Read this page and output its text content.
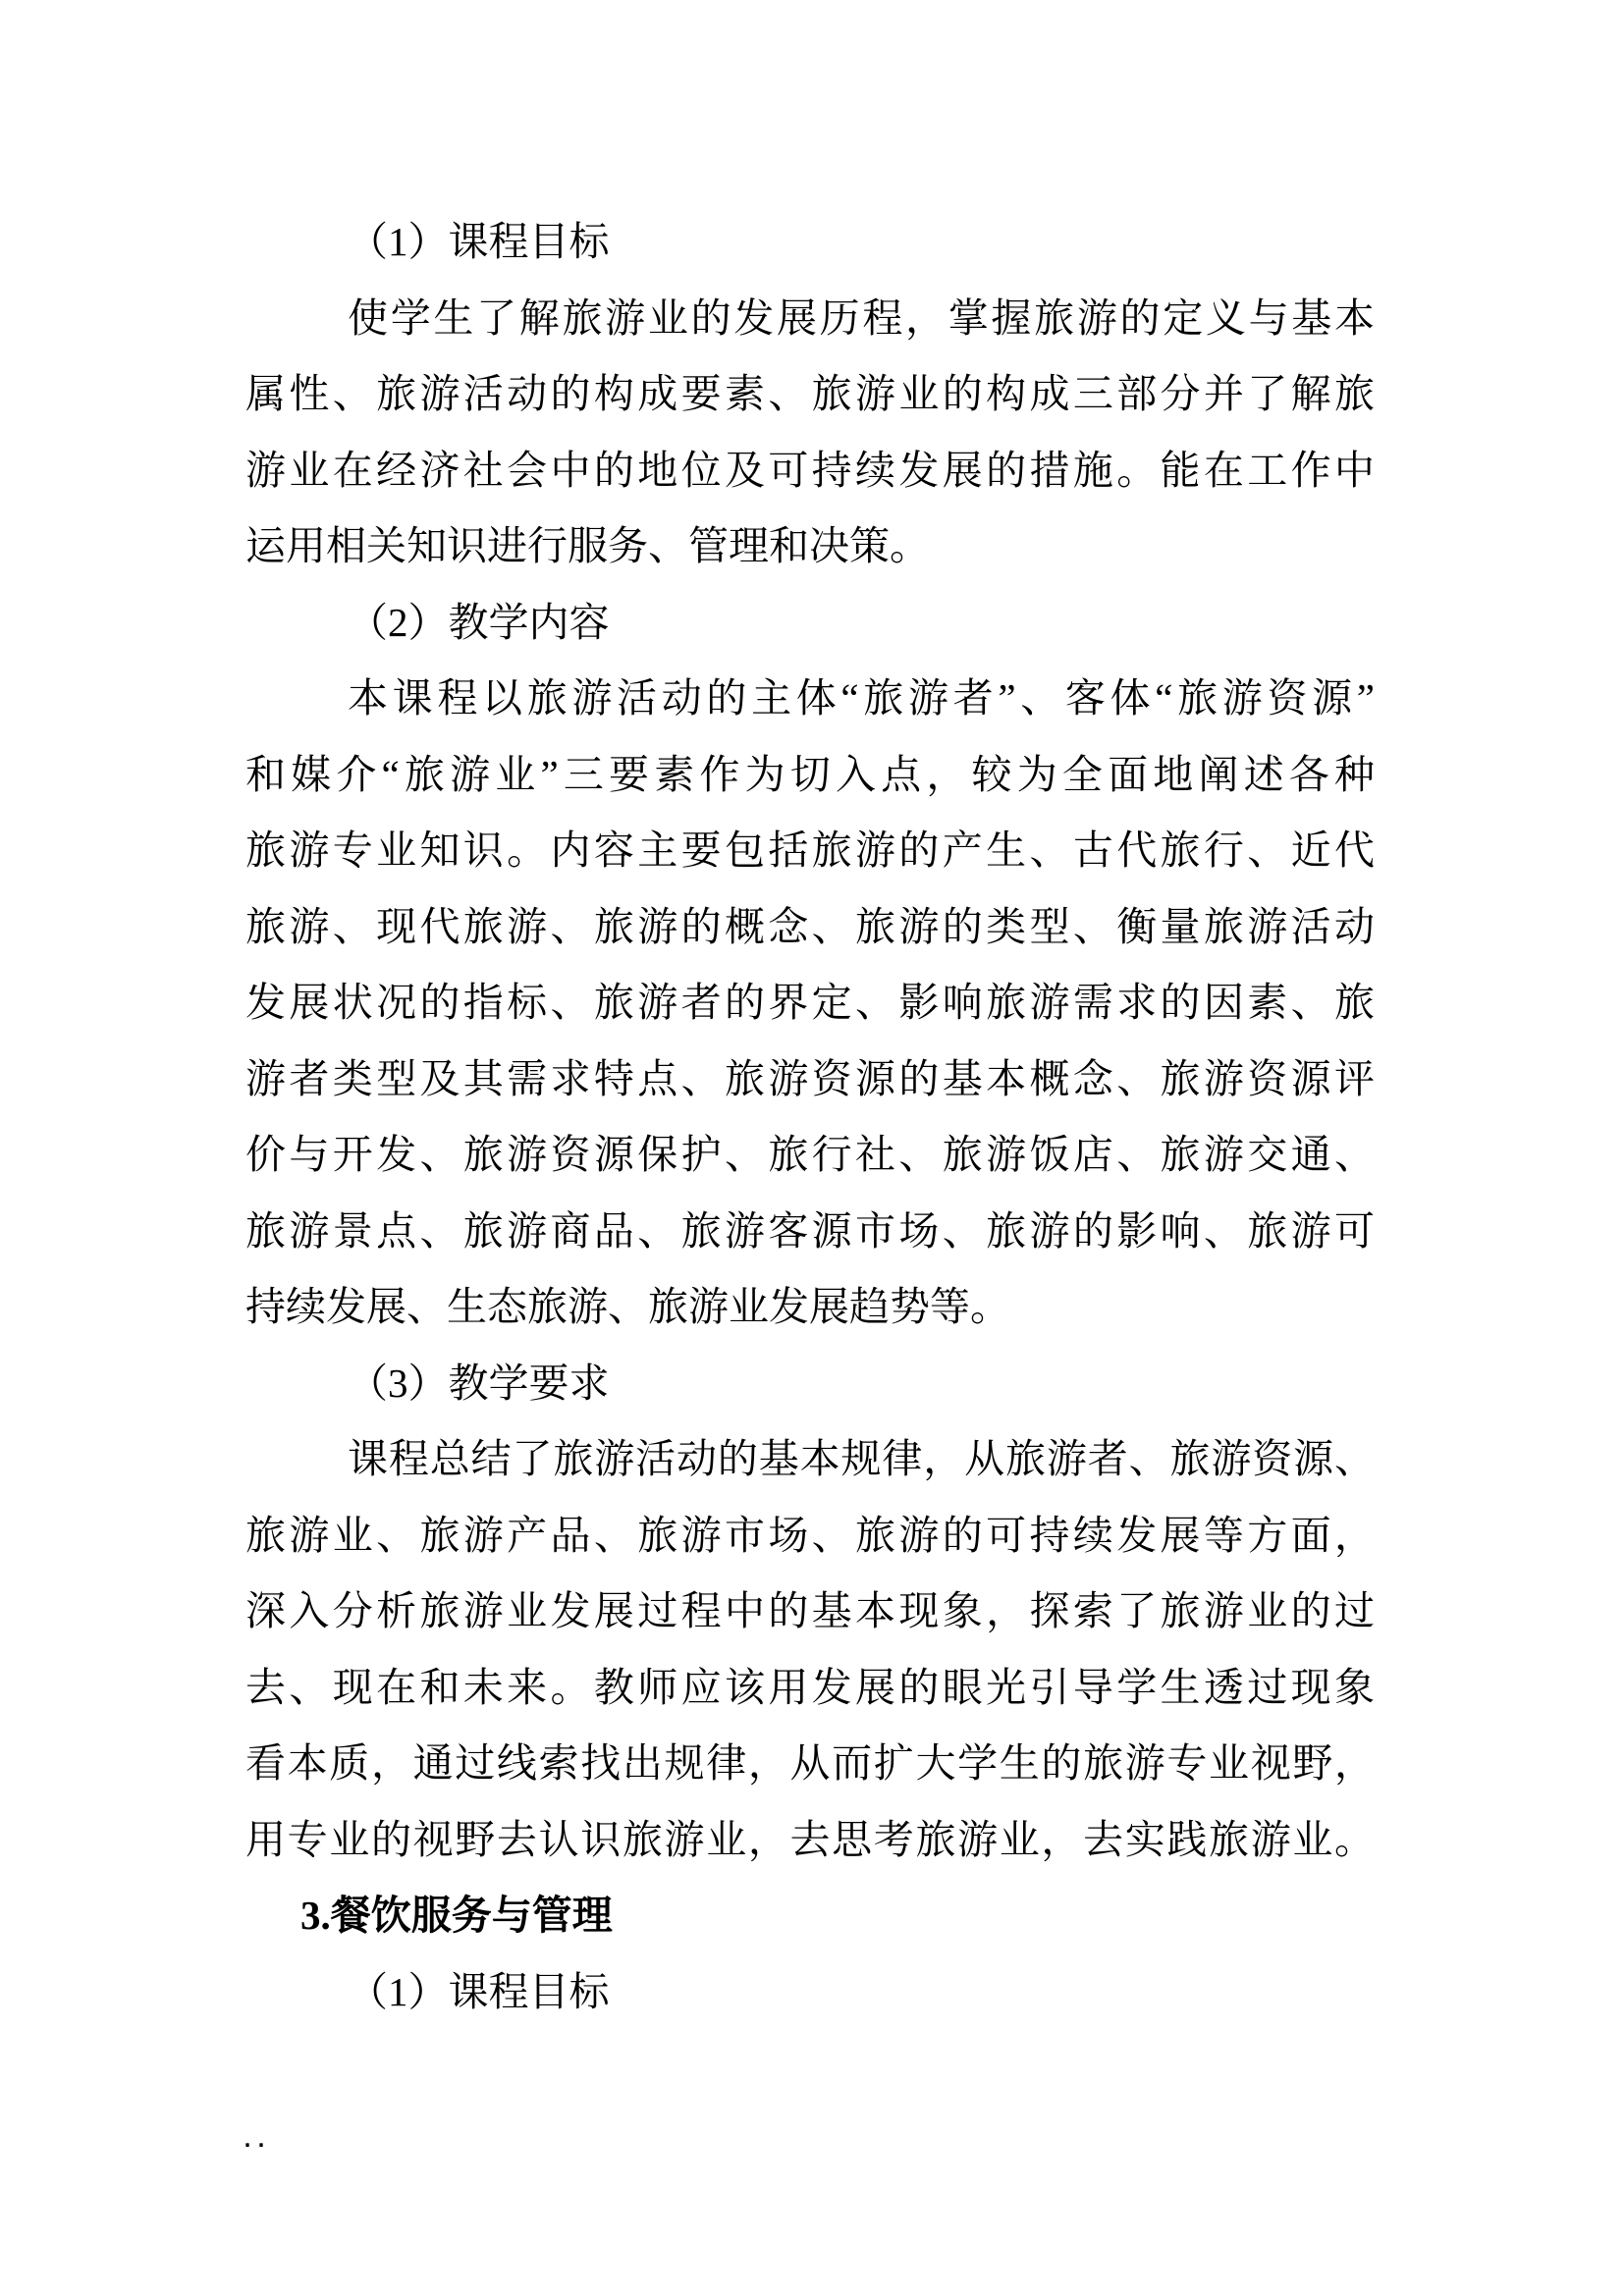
（1）课程目标
使学生了解旅游业的发展历程，掌握旅游的定义与基本
属性、旅游活动的构成要素、旅游业的构成三部分并了解旅
游业在经济社会中的地位及可持续发展的措施。能在工作中
运用相关知识进行服务、管理和决策。
（2）教学内容
本课程以旅游活动的主体“旅游者”、客体“旅游资源”
和媒介“旅游业”三要素作为切入点，较为全面地阐述各种
旅游专业知识。内容主要包括旅游的产生、古代旅行、近代
旅游、现代旅游、旅游的概念、旅游的类型、衡量旅游活动
发展状况的指标、旅游者的界定、影响旅游需求的因素、旅
游者类型及其需求特点、旅游资源的基本概念、旅游资源评
价与开发、旅游资源保护、旅行社、旅游饭店、旅游交通、
旅游景点、旅游商品、旅游客源市场、旅游的影响、旅游可
持续发展、生态旅游、旅游业发展趋势等。
（3）教学要求
课程总结了旅游活动的基本规律，从旅游者、旅游资源、
旅游业、旅游产品、旅游市场、旅游的可持续发展等方面，
深入分析旅游业发展过程中的基本现象，探索了旅游业的过
去、现在和未来。教师应该用发展的眼光引导学生透过现象
看本质，通过线索找出规律，从而扩大学生的旅游专业视野，
用专业的视野去认识旅游业，去思考旅游业，去实践旅游业。
3.餐饮服务与管理
（1）课程目标
..
